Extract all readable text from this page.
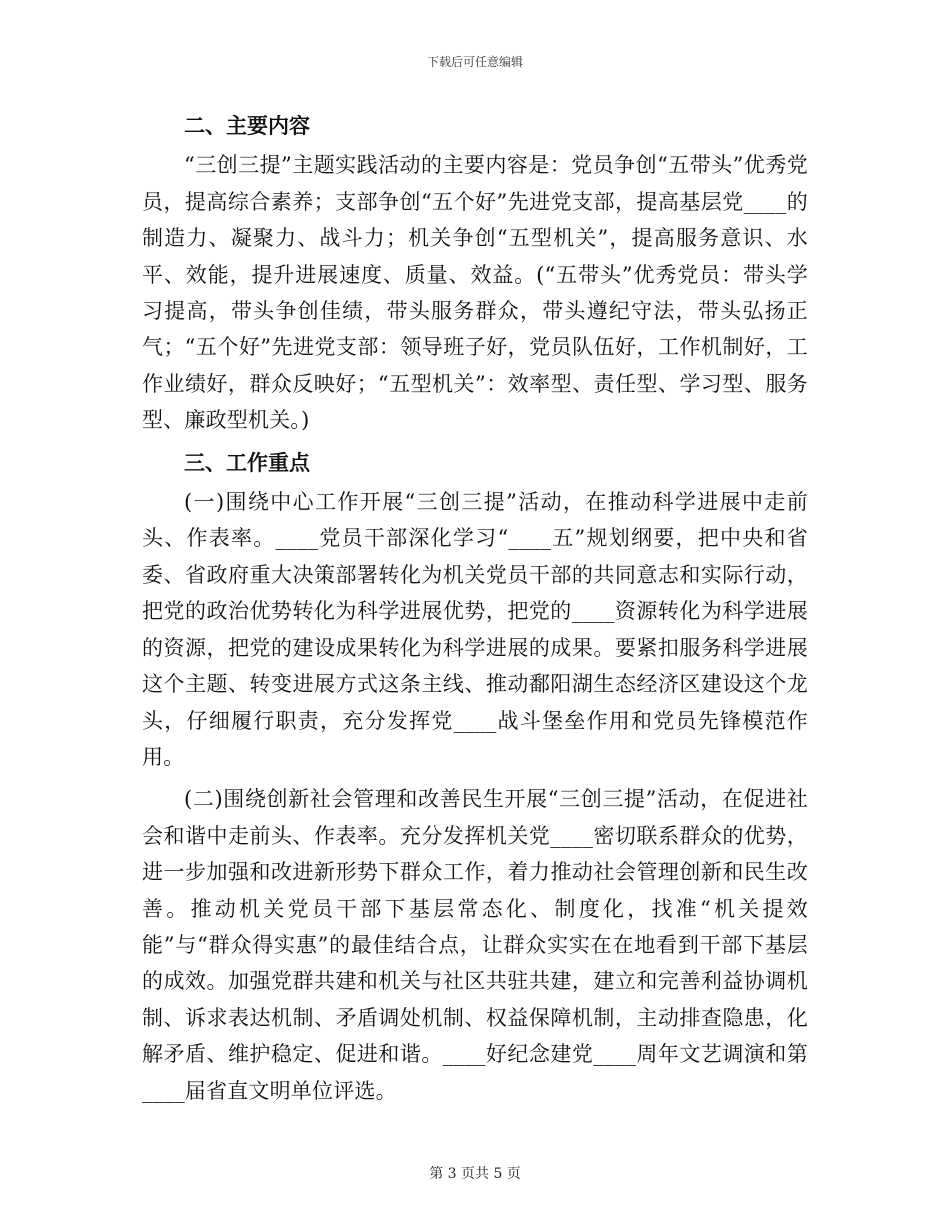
下载后可任意编辑
二、主要内容

“三创三提”主题实践活动的主要内容是：党员争创“五带头”优秀党员，提高综合素养；支部争创“五个好”先进党支部，提高基层党____的制造力、凝聚力、战斗力；机关争创“五型机关”，提高服务意识、水平、效能，提升进展速度、质量、效益。(“五带头”优秀党员：带头学习提高，带头争创佳绩，带头服务群众，带头遵纪守法，带头弘扬正气；“五个好”先进党支部：领导班子好，党员队伍好，工作机制好，工作业绩好，群众反映好；“五型机关”：效率型、责任型、学习型、服务型、廉政型机关。)

三、工作重点

(一)围绕中心工作开展“三创三提”活动，在推动科学进展中走前头、作表率。____党员干部深化学习“____五”规划纲要，把中央和省委、省政府重大决策部署转化为机关党员干部的共同意志和实际行动，把党的政治优势转化为科学进展优势，把党的____资源转化为科学进展的资源，把党的建设成果转化为科学进展的成果。要紧扣服务科学进展这个主题、转变进展方式这条主线、推动鄱阳湖生态经济区建设这个龙头，仔细履行职责，充分发挥党____战斗堡垒作用和党员先锋模范作用。

(二)围绕创新社会管理和改善民生开展“三创三提”活动，在促进社会和谐中走前头、作表率。充分发挥机关党____密切联系群众的优势，进一步加强和改进新形势下群众工作，着力推动社会管理创新和民生改善。推动机关党员干部下基层常态化、制度化，找准“机关提效能”与“群众得实惠”的最佳结合点，让群众实实在在地看到干部下基层的成效。加强党群共建和机关与社区共驻共建，建立和完善利益协调机制、诉求表达机制、矛盾调处机制、权益保障机制，主动排查隐患，化解矛盾、维护稳定、促进和谐。____好纪念建党____周年文艺调演和第____届省直文明单位评选。

第 3 页共 5 页
